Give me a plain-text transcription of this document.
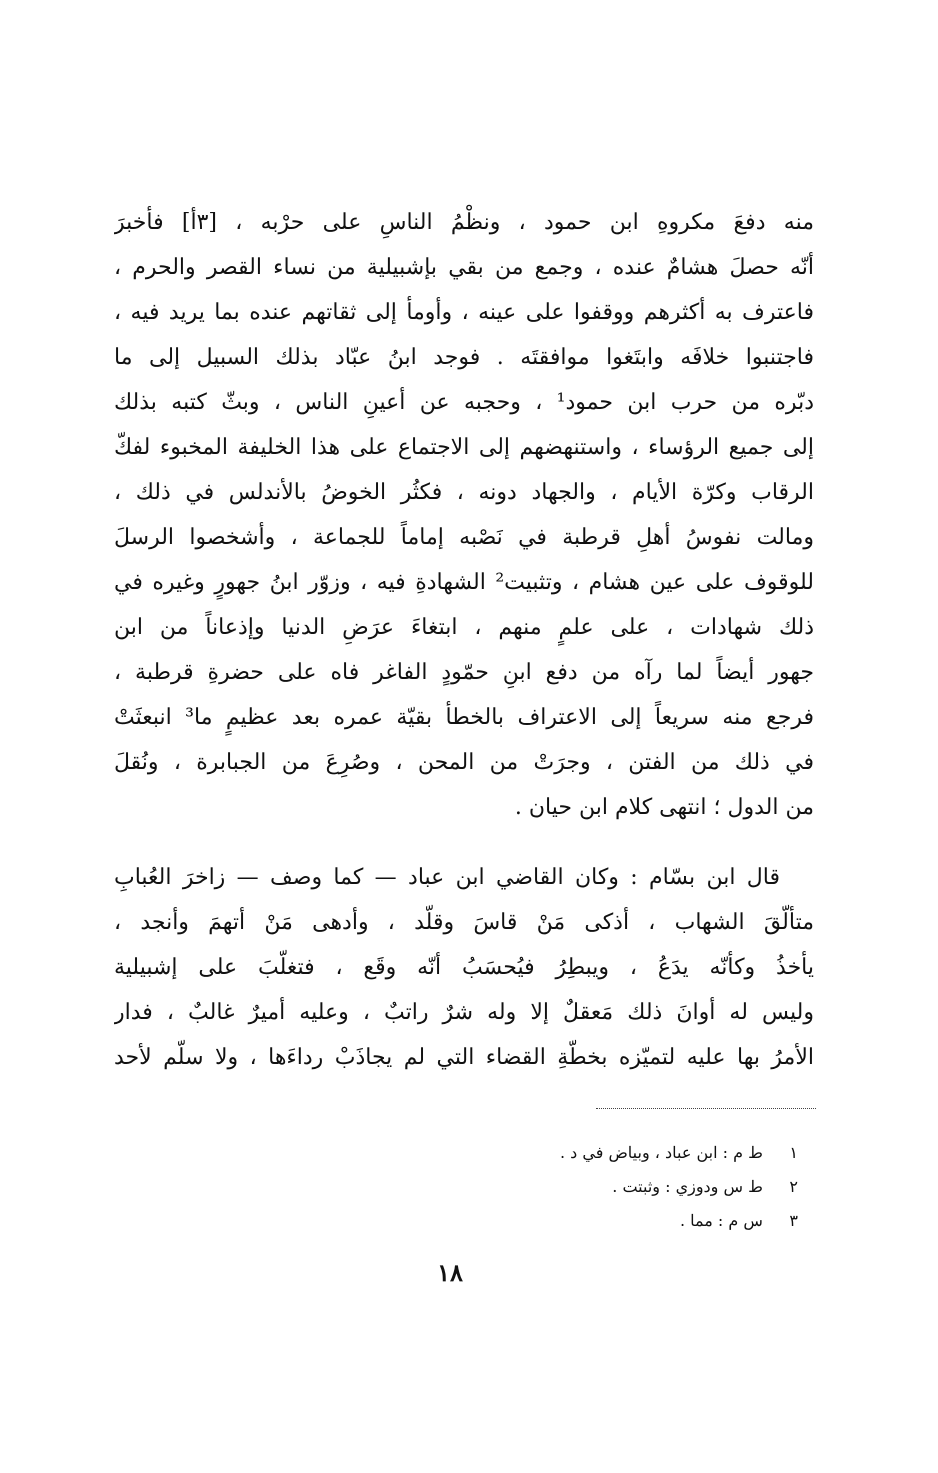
منه دفعَ مكروهِ ابن حمود ، ونظْمُ الناسِ على حرْبه ، [٣أ] فأخبرَ
أنّه حصلَ هشامٌ عنده ، وجمع من بقي بإشبيلية من نساء القصر والحرم ،
فاعترف به أكثرهم ووقفوا على عينه ، وأومأ إلى ثقاتهم عنده بما يريد فيه ،
فاجتنبوا خلافَه وابتَغوا موافقتَه . فوجد ابنُ عبّاد بذلك السبيل إلى ما
دبّره من حرب ابن حمود¹ ، وحجبه عن أعينِ الناس ، وبثّ كتبه بذلك
إلى جميع الرؤساء ، واستنهضهم إلى الاجتماع على هذا الخليفة المخبوء لفكّ
الرقاب وكرّة الأيام ، والجهاد دونه ، فكثُر الخوضُ بالأندلس في ذلك ،
ومالت نفوسُ أهلِ قرطبة في نَصْبه إماماً للجماعة ، وأشخصوا الرسلَ
للوقوف على عين هشام ، وتثبيت² الشهادةِ فيه ، وزوّر ابنُ جهورٍ وغيره في
ذلك شهادات ، على علمٍ منهم ، ابتغاءَ عرَضِ الدنيا وإذعاناً من ابن
جهور أيضاً لما رآه من دفع ابنِ حمّودٍ الفاغر فاه على حضرةِ قرطبة ،
فرجع منه سريعاً إلى الاعتراف بالخطأ بقيّة عمره بعد عظيمٍ ما³ انبعثَتْ
في ذلك من الفتن ، وجرَتْ من المحن ، وصُرِعَ من الجبابرة ، ونُقلَ
من الدول ؛ انتهى كلام ابن حيان .
قال ابن بسّام : وكان القاضي ابن عباد — كما وصف — زاخرَ العُبابِ
متألّقَ الشهاب ، أذكى مَنْ قاسَ وقلّد ، وأدهى مَنْ أتهمَ وأنجد ،
يأخذُ وكأنّه يدَعُ ، ويبطِرُ فيُحسَبُ أنّه وقَع ، فتغلّبَ على إشبيلية
وليس له أوانَ ذلك مَعقلٌ إلا وله شرٌ راتبٌ ، وعليه أميرٌ غالبٌ ، فدار
الأمرُ بها عليه لتميّزه بخطّةِ القضاء التي لم يجاذَبْ رداءَها ، ولا سلّم لأحد
١ ط م : ابن عباد ، وبياض في د .
٢ ط س ودوزي : وثبتت .
٣ س م : مما .
١٨
